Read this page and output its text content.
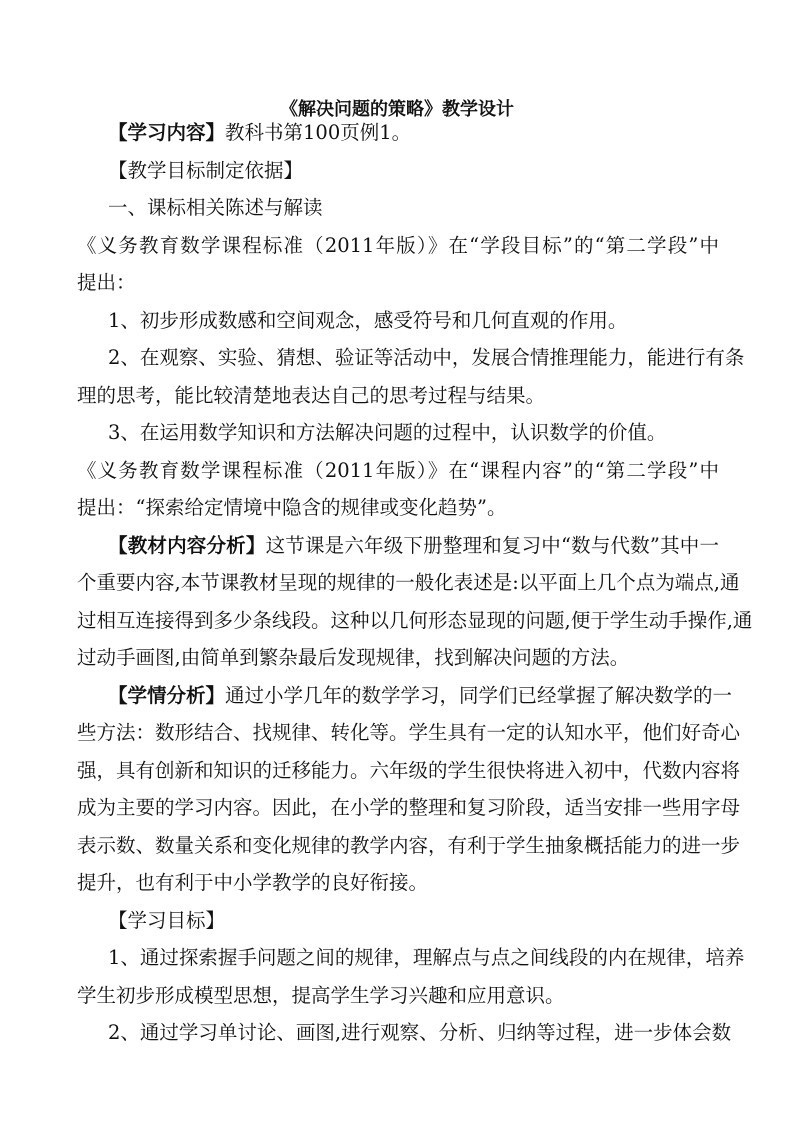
《解决问题的策略》教学设计
【学习内容】教科书第100页例1。
【教学目标制定依据】
一、课标相关陈述与解读
《义务教育数学课程标准（2011年版）》在“学段目标”的“第二学段”中
提出：
1、初步形成数感和空间观念，感受符号和几何直观的作用。
2、在观察、实验、猜想、验证等活动中，发展合情推理能力，能进行有条
理的思考，能比较清楚地表达自己的思考过程与结果。
3、在运用数学知识和方法解决问题的过程中，认识数学的价值。
《义务教育数学课程标准（2011年版）》在“课程内容”的“第二学段”中
提出：“探索给定情境中隐含的规律或变化趋势”。
【教材内容分析】这节课是六年级下册整理和复习中“数与代数”其中一
个重要内容,本节课教材呈现的规律的一般化表述是:以平面上几个点为端点,通
过相互连接得到多少条线段。这种以几何形态显现的问题,便于学生动手操作,通
过动手画图,由简单到繁杂最后发现规律，找到解决问题的方法。
【学情分析】通过小学几年的数学学习，同学们已经掌握了解决数学的一
些方法：数形结合、找规律、转化等。学生具有一定的认知水平，他们好奇心
强，具有创新和知识的迁移能力。六年级的学生很快将进入初中，代数内容将
成为主要的学习内容。因此，在小学的整理和复习阶段，适当安排一些用字母
表示数、数量关系和变化规律的教学内容，有利于学生抽象概括能力的进一步
提升，也有利于中小学教学的良好衔接。
【学习目标】
1、通过探索握手问题之间的规律，理解点与点之间线段的内在规律，培养
学生初步形成模型思想，提高学生学习兴趣和应用意识。
2、通过学习单讨论、画图,进行观察、分析、归纳等过程，进一步体会数
